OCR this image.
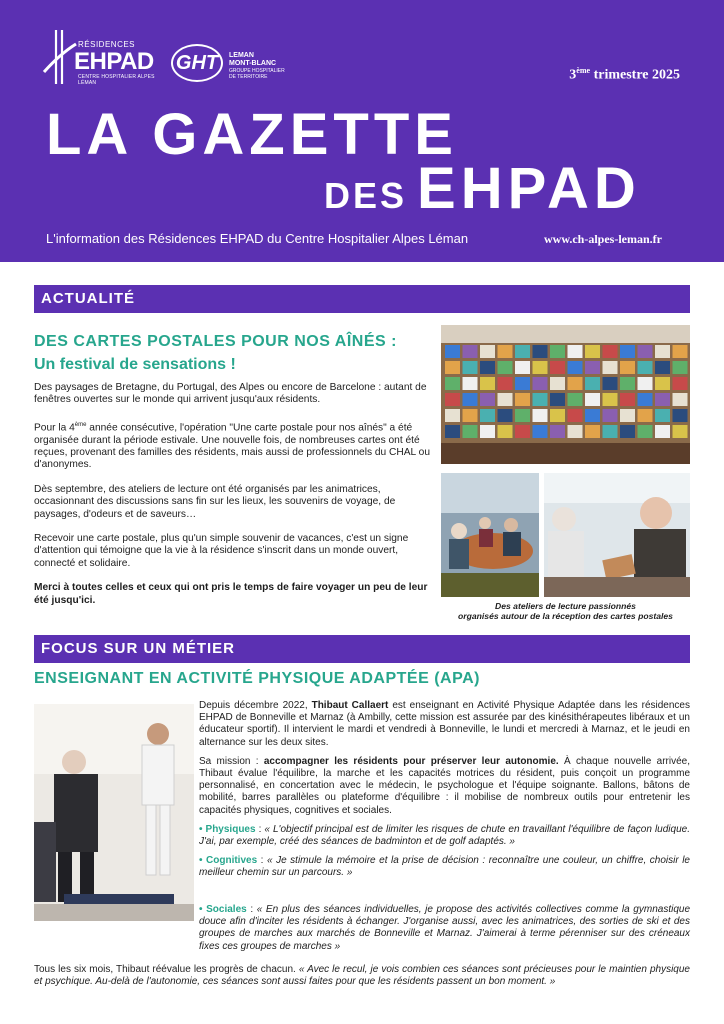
RÉSIDENCES
EHPAD
CENTRE HOSPITALIER ALPES LÉMAN
GHT	LEMAN
MONT-BLANC
GROUPE HOSPITALIER
DE TERRITOIRE	3ème trimestre 2025
LA GAZETTE
DES EHPAD
L'information des Résidences EHPAD du Centre Hospitalier Alpes Léman	www.ch-alpes-leman.fr
ACTUALITÉ
DES CARTES POSTALES POUR NOS AÎNÉS :
Un festival de sensations !

Des paysages de Bretagne, du Portugal, des Alpes ou encore de Barcelone : autant de fenêtres ouvertes sur le monde qui arrivent jusqu'aux résidents.

Pour la 4ème année consécutive, l'opération "Une carte postale pour nos aînés" a été organisée durant la période estivale. Une nouvelle fois, de nombreuses cartes ont été reçues, provenant des familles des résidents, mais aussi de professionnels du CHAL ou d'anonymes.

Dès septembre, des ateliers de lecture ont été organisés par les animatrices, occasionnant des discussions sans fin sur les lieux, les souvenirs de voyage, de paysages, d'odeurs et de saveurs…

Recevoir une carte postale, plus qu'un simple souvenir de vacances, c'est un signe d'attention qui témoigne que la vie à la résidence s'inscrit dans un monde ouvert, connecté et solidaire.

Merci à toutes celles et ceux qui ont pris le temps de faire voyager un peu de leur été jusqu'ici.

Des ateliers de lecture passionnés
organisés autour de la réception des cartes postales
FOCUS SUR UN MÉTIER
ENSEIGNANT EN ACTIVITÉ PHYSIQUE ADAPTÉE (APA)

Depuis décembre 2022, Thibaut Callaert est enseignant en Activité Physique Adaptée dans les résidences EHPAD de Bonneville et Marnaz (à Ambilly, cette mission est assurée par des kinésithérapeutes libéraux et un éducateur sportif). Il intervient le mardi et vendredi à Bonneville, le lundi et mercredi à Marnaz, et le jeudi en alternance sur les deux sites.

Sa mission : accompagner les résidents pour préserver leur autonomie. À chaque nouvelle arrivée, Thibaut évalue l'équilibre, la marche et les capacités motrices du résident, puis conçoit un programme personnalisé, en concertation avec le médecin, le psychologue et l'équipe soignante. Ballons, bâtons de mobilité, barres parallèles ou plateforme d'équilibre : il mobilise de nombreux outils pour entretenir les capacités physiques, cognitives et sociales.

• Physiques : « L'objectif principal est de limiter les risques de chute en travaillant l'équilibre de façon ludique. J'ai, par exemple, créé des séances de badminton et de golf adaptés. »

• Cognitives : « Je stimule la mémoire et la prise de décision : reconnaître une couleur, un chiffre, choisir le meilleur chemin sur un parcours. »

• Sociales : « En plus des séances individuelles, je propose des activités collectives comme la gymnastique douce afin d'inciter les résidents à échanger. J'organise aussi, avec les animatrices, des sorties de ski et des groupes de marches aux marchés de Bonneville et Marnaz. J'aimerai à terme pérenniser sur des créneaux fixes ces groupes de marches »
Tous les six mois, Thibaut réévalue les progrès de chacun. « Avec le recul, je vois combien ces séances sont précieuses pour le maintien physique et psychique. Au-delà de l'autonomie, ces séances sont aussi faites pour que les résidents passent un bon moment. »
